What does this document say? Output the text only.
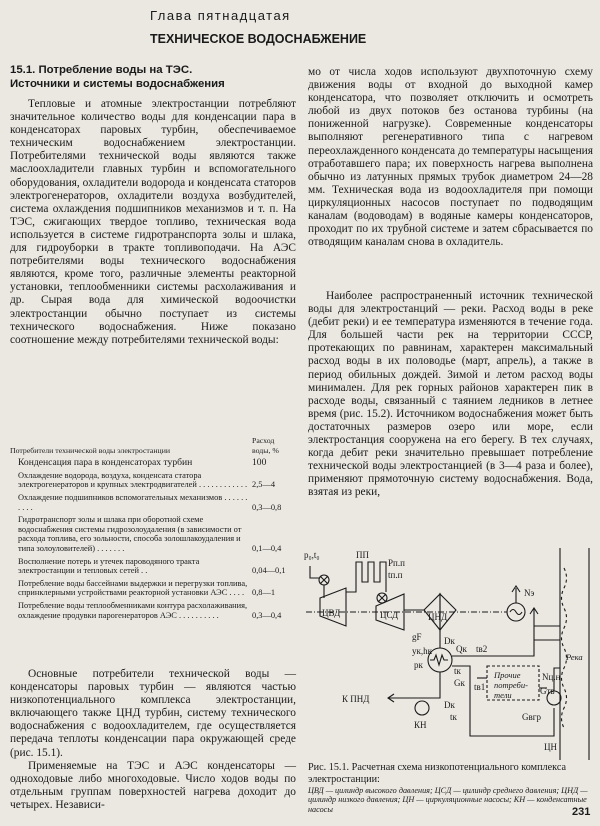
Глава пятнадцатая
ТЕХНИЧЕСКОЕ ВОДОСНАБЖЕНИЕ
15.1. Потребление воды на ТЭС.
Источники и системы водоснабжения

Тепловые и атомные электростанции потребляют значительное количество воды для конденсации пара в конденсаторах паровых турбин, обеспечиваемое техническим водоснабжением электростанции. Потребителями технической воды являются также маслоохладители главных турбин и вспомогательного оборудования, охладители водорода и конденсата статоров электрогенераторов, охладители воздуха возбудителей, система охлаждения подшипников механизмов и т. п. На ТЭС, сжигающих твердое топливо, техническая вода используется в системе гидротранспорта золы и шлака, для гидроуборки в тракте топливоподачи. На АЭС потребителями воды технического водоснабжения являются, кроме того, различные элементы реакторной установки, теплообменники системы расхолаживания и др. Сырая вода для химической водоочистки электростанции обычно поступает из системы технического водоснабжения. Ниже показано соотношение между потребителями технической воды:

Потребители технической воды электростанции	Расход
воды, %
Конденсация пара в конденсаторах турбин	100
Охлаждение водорода, воздуха, конденсата статора электрогенераторов и крупных электродвигателей . . . . . . . . . . . .	2,5—4
Охлаждение подшипников вспомогательных механизмов . . . . . . . . . .	0,3—0,8
Гидротранспорт золы и шлака при оборотной схеме водоснабжения системы гидрозолоудаления (в зависимости от расхода топлива, его зольности, способа золошлакоудаления и типа золоуловителей) . . . . . . .	0,1—0,4
Восполнение потерь и утечек пароводяного тракта электростанции и тепловых сетей . .	0,04—0,1
Потребление воды бассейнами выдержки и перегрузки топлива, спринклерными устройствами реакторной установки АЭС . . . .	0,8—1
Потребление воды теплообменниками контура расхолаживания, охлаждение продувки парогенераторов АЭС . . . . . . . . . .	0,3—0,4

Основные потребители технической воды — конденсаторы паровых турбин — являются частью низкопотенциального комплекса электростанции, включающего также ЦНД турбин, систему технического водоснабжения с водоохладителем, где осуществляется передача теплоты конденсации пара окружающей среде (рис. 15.1).

Применяемые на ТЭС и АЭС конденсаторы — одноходовые либо многоходовые. Число ходов воды по отдельным группам поверхностей нагрева доходит до четырех. Независи-

мо от числа ходов используют двухпоточную схему движения воды от входной до выходной камер конденсатора, что позволяет отключить и осмотреть любой из двух потоков без останова турбины (на пониженной нагрузке). Современные конденсаторы выполняют регенеративного типа с нагревом переохлажденного конденсата до температуры насыщения отработавшего пара; их поверхность нагрева выполнена обычно из латунных прямых трубок диаметром 24—28 мм. Техническая вода из водоохладителя при помощи циркуляционных насосов поступает по подводящим каналам (водоводам) в водяные камеры конденсаторов, проходит по их трубной системе и затем сбрасывается по отводящим каналам снова в охладитель.

Наиболее распространенный источник технической воды для электростанций — реки. Расход воды в реке (дебит реки) и ее температура изменяются в течение года. Для большей части рек на территории СССР, протекающих по равнинам, характерен максимальный расход воды в их половодье (март, апрель), а также в период обильных дождей. Зимой и летом расход воды минимален. Для рек горных районов характерен пик в расходе воды, связанный с таянием ледников в летнее время (рис. 15.2). Источником водоснабжения может быть достаточных размеров озеро или море, если электростанция сооружена на его берегу. В тех случаях, когда дебит реки значительно превышает потребление технической воды электростанцией (в 3—4 раза и более), применяют прямоточную систему водоснабжения. Вода, взятая из реки,

p₀,t₀	ПП
Pп.п
tп.п
ЦВД	ЦСД	ЦНД
Nэ
gF
yк,hк
Dк
Qк
pк
tк
Gк tв1
tв2
Gтв
Dк
tк
К ПНД
КН
ЦН
Nц.н
Gвгр
Прочие
потреби-
тели
Река
Рис. 15.1. Расчетная схема низкопотенциального комплекса электростанции:
ЦВД — цилиндр высокого давления; ЦСД — цилиндр среднего давления; ЦНД — цилиндр низкого давления; ЦН — циркуляционные насосы; КН — конденсатные насосы	231
